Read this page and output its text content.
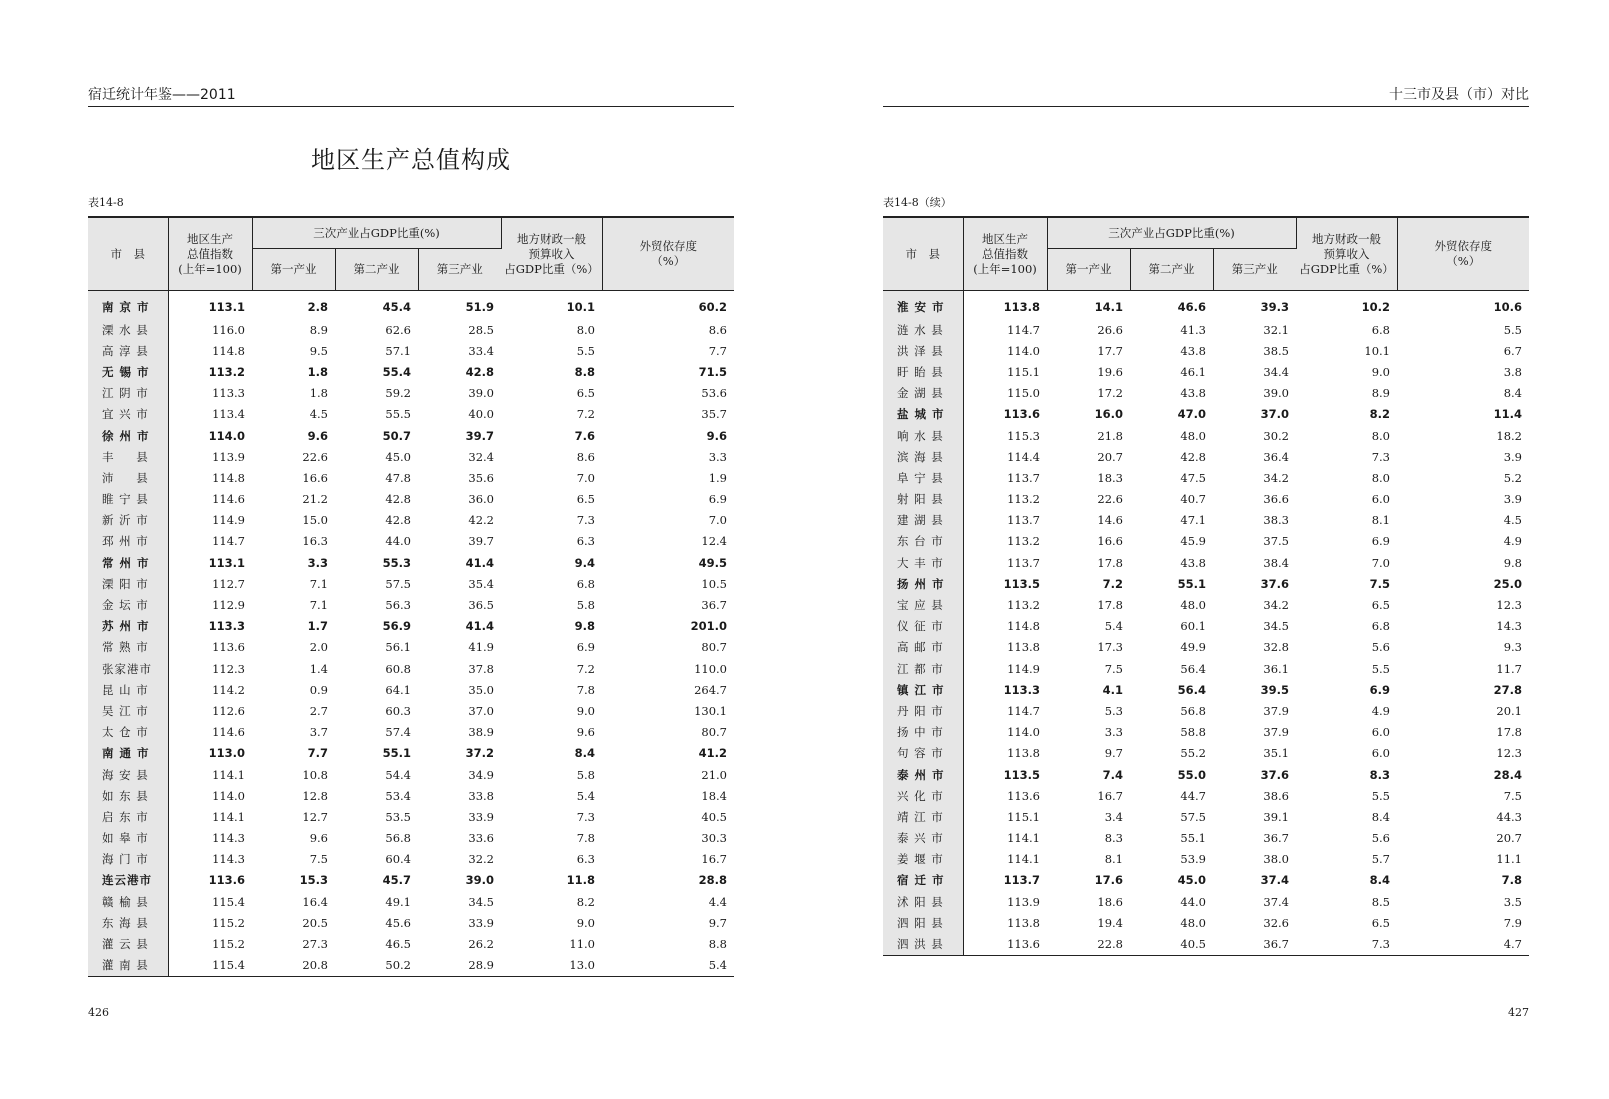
宿迁统计年鉴——2011
地区生产总值构成
表14-8
市　县	地区生产
总值指数
(上年=100)	三次产业占GDP比重(%)			地方财政一般
预算收入
占GDP比重（%）	外贸依存度
（%）
		第一产业	第二产业	第三产业		
南 京 市	113.1	2.8	45.4	51.9	10.1	60.2
溧 水 县	116.0	8.9	62.6	28.5	8.0	8.6
高 淳 县	114.8	9.5	57.1	33.4	5.5	7.7
无 锡 市	113.2	1.8	55.4	42.8	8.8	71.5
江 阴 市	113.3	1.8	59.2	39.0	6.5	53.6
宜 兴 市	113.4	4.5	55.5	40.0	7.2	35.7
徐 州 市	114.0	9.6	50.7	39.7	7.6	9.6
丰 　 县	113.9	22.6	45.0	32.4	8.6	3.3
沛 　 县	114.8	16.6	47.8	35.6	7.0	1.9
睢 宁 县	114.6	21.2	42.8	36.0	6.5	6.9
新 沂 市	114.9	15.0	42.8	42.2	7.3	7.0
邳 州 市	114.7	16.3	44.0	39.7	6.3	12.4
常 州 市	113.1	3.3	55.3	41.4	9.4	49.5
溧 阳 市	112.7	7.1	57.5	35.4	6.8	10.5
金 坛 市	112.9	7.1	56.3	36.5	5.8	36.7
苏 州 市	113.3	1.7	56.9	41.4	9.8	201.0
常 熟 市	113.6	2.0	56.1	41.9	6.9	80.7
张家港市	112.3	1.4	60.8	37.8	7.2	110.0
昆 山 市	114.2	0.9	64.1	35.0	7.8	264.7
吴 江 市	112.6	2.7	60.3	37.0	9.0	130.1
太 仓 市	114.6	3.7	57.4	38.9	9.6	80.7
南 通 市	113.0	7.7	55.1	37.2	8.4	41.2
海 安 县	114.1	10.8	54.4	34.9	5.8	21.0
如 东 县	114.0	12.8	53.4	33.8	5.4	18.4
启 东 市	114.1	12.7	53.5	33.9	7.3	40.5
如 皋 市	114.3	9.6	56.8	33.6	7.8	30.3
海 门 市	114.3	7.5	60.4	32.2	6.3	16.7
连云港市	113.6	15.3	45.7	39.0	11.8	28.8
赣 榆 县	115.4	16.4	49.1	34.5	8.2	4.4
东 海 县	115.2	20.5	45.6	33.9	9.0	9.7
灌 云 县	115.2	27.3	46.5	26.2	11.0	8.8
灌 南 县	115.4	20.8	50.2	28.9	13.0	5.4
426
十三市及县（市）对比
表14-8（续）
市　县	地区生产
总值指数
(上年=100)	三次产业占GDP比重(%)			地方财政一般
预算收入
占GDP比重（%）	外贸依存度
（%）
		第一产业	第二产业	第三产业		
淮 安 市	113.8	14.1	46.6	39.3	10.2	10.6
涟 水 县	114.7	26.6	41.3	32.1	6.8	5.5
洪 泽 县	114.0	17.7	43.8	38.5	10.1	6.7
盱 眙 县	115.1	19.6	46.1	34.4	9.0	3.8
金 湖 县	115.0	17.2	43.8	39.0	8.9	8.4
盐 城 市	113.6	16.0	47.0	37.0	8.2	11.4
响 水 县	115.3	21.8	48.0	30.2	8.0	18.2
滨 海 县	114.4	20.7	42.8	36.4	7.3	3.9
阜 宁 县	113.7	18.3	47.5	34.2	8.0	5.2
射 阳 县	113.2	22.6	40.7	36.6	6.0	3.9
建 湖 县	113.7	14.6	47.1	38.3	8.1	4.5
东 台 市	113.2	16.6	45.9	37.5	6.9	4.9
大 丰 市	113.7	17.8	43.8	38.4	7.0	9.8
扬 州 市	113.5	7.2	55.1	37.6	7.5	25.0
宝 应 县	113.2	17.8	48.0	34.2	6.5	12.3
仪 征 市	114.8	5.4	60.1	34.5	6.8	14.3
高 邮 市	113.8	17.3	49.9	32.8	5.6	9.3
江 都 市	114.9	7.5	56.4	36.1	5.5	11.7
镇 江 市	113.3	4.1	56.4	39.5	6.9	27.8
丹 阳 市	114.7	5.3	56.8	37.9	4.9	20.1
扬 中 市	114.0	3.3	58.8	37.9	6.0	17.8
句 容 市	113.8	9.7	55.2	35.1	6.0	12.3
泰 州 市	113.5	7.4	55.0	37.6	8.3	28.4
兴 化 市	113.6	16.7	44.7	38.6	5.5	7.5
靖 江 市	115.1	3.4	57.5	39.1	8.4	44.3
泰 兴 市	114.1	8.3	55.1	36.7	5.6	20.7
姜 堰 市	114.1	8.1	53.9	38.0	5.7	11.1
宿 迁 市	113.7	17.6	45.0	37.4	8.4	7.8
沭 阳 县	113.9	18.6	44.0	37.4	8.5	3.5
泗 阳 县	113.8	19.4	48.0	32.6	6.5	7.9
泗 洪 县	113.6	22.8	40.5	36.7	7.3	4.7
427
